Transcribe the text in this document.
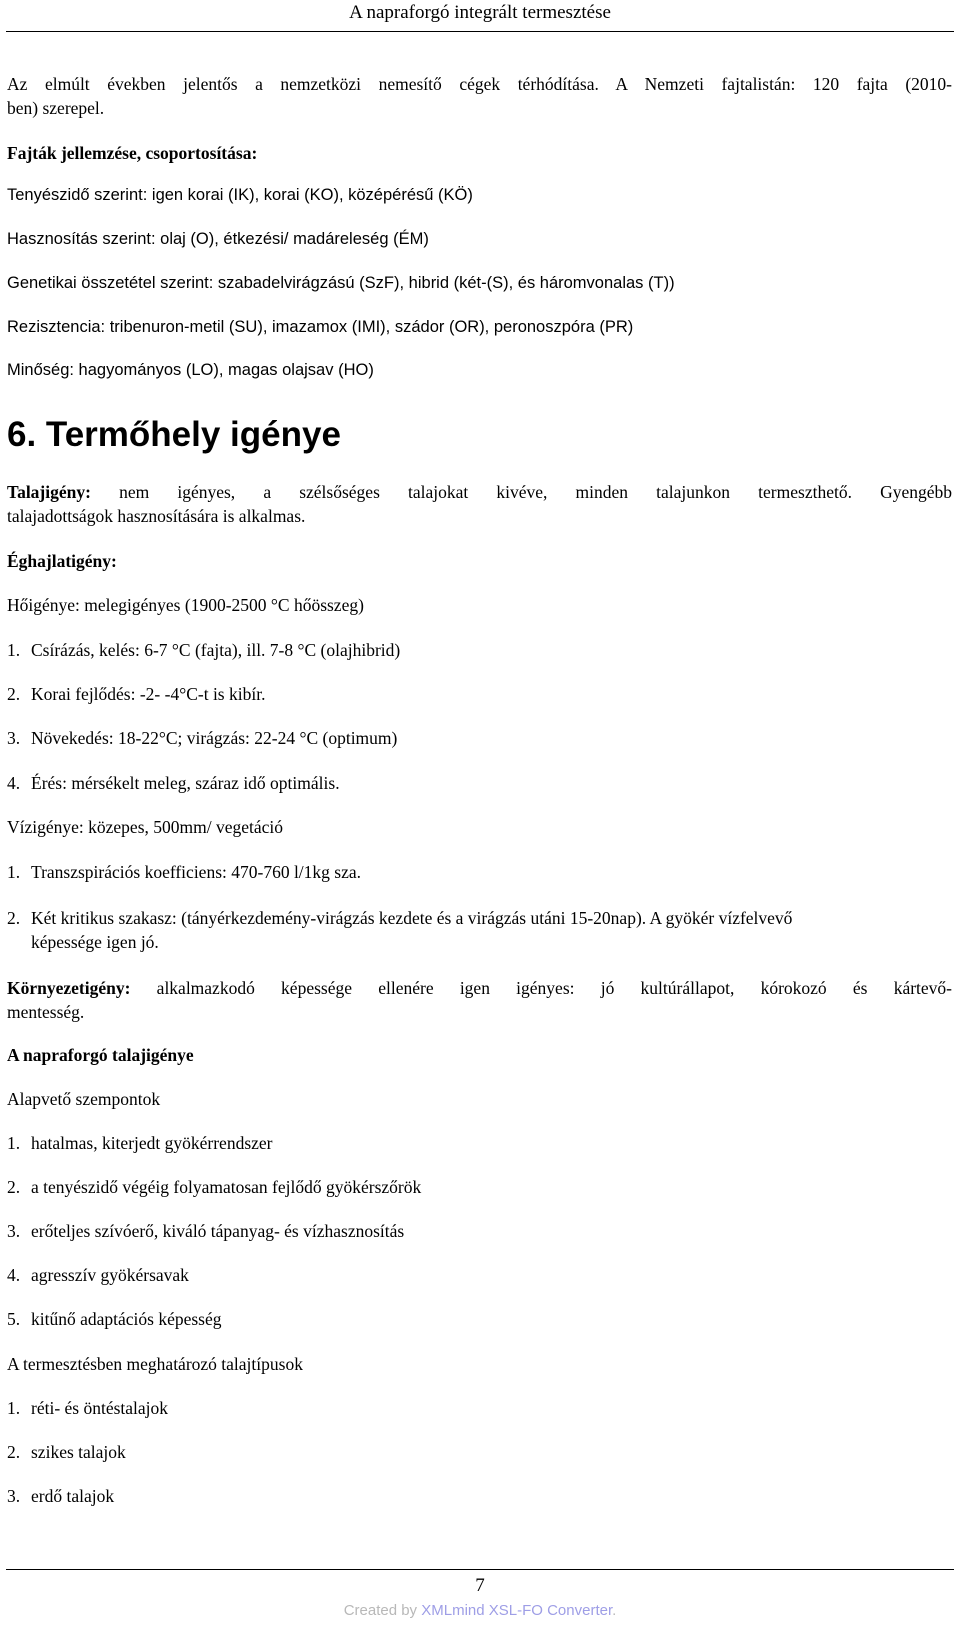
A napraforgó integrált termesztése
Az elmúlt években jelentős a nemzetközi nemesítő cégek térhódítása. A Nemzeti fajtalistán: 120 fajta (2010-
ben) szerepel.
Fajták jellemzése, csoportosítása:
Tenyészidő szerint: igen korai (IK), korai (KO), középérésű (KÖ)
Hasznosítás szerint: olaj (O), étkezési/ madáreleség (ÉM)
Genetikai összetétel szerint: szabadelvirágzású (SzF), hibrid (két-(S), és háromvonalas (T))
Rezisztencia: tribenuron-metil (SU), imazamox (IMI), szádor (OR), peronoszpóra (PR)
Minőség: hagyományos (LO), magas olajsav (HO)
6. Termőhely igénye
Talajigény: nem igényes, a szélsőséges talajokat kivéve, minden talajunkon termeszthető. Gyengébb
talajadottságok hasznosítására is alkalmas.
Éghajlatigény:
Hőigénye: melegigényes (1900-2500 °C hőösszeg)
1. Csírázás, kelés: 6-7 °C (fajta), ill. 7-8 °C (olajhibrid)
2. Korai fejlődés: -2- -4°C-t is kibír.
3. Növekedés: 18-22°C; virágzás: 22-24 °C (optimum)
4. Érés: mérsékelt meleg, száraz idő optimális.
Vízigénye: közepes, 500mm/ vegetáció
1. Transzspirációs koefficiens: 470-760 l/1kg sza.
2. Két kritikus szakasz: (tányérkezdemény-virágzás kezdete és a virágzás utáni 15-20nap). A gyökér vízfelvevő
képessége igen jó.
Környezetigény: alkalmazkodó képessége ellenére igen igényes: jó kultúrállapot, kórokozó és kártevő-
mentesség.
A napraforgó talajigénye
Alapvető szempontok
1. hatalmas, kiterjedt gyökérrendszer
2. a tenyészidő végéig folyamatosan fejlődő gyökérszőrök
3. erőteljes szívóerő, kiváló tápanyag- és vízhasznosítás
4. agresszív gyökérsavak
5. kitűnő adaptációs képesség
A termesztésben meghatározó talajtípusok
1. réti- és öntéstalajok
2. szikes talajok
3. erdő talajok
7
Created by XMLmind XSL-FO Converter.
